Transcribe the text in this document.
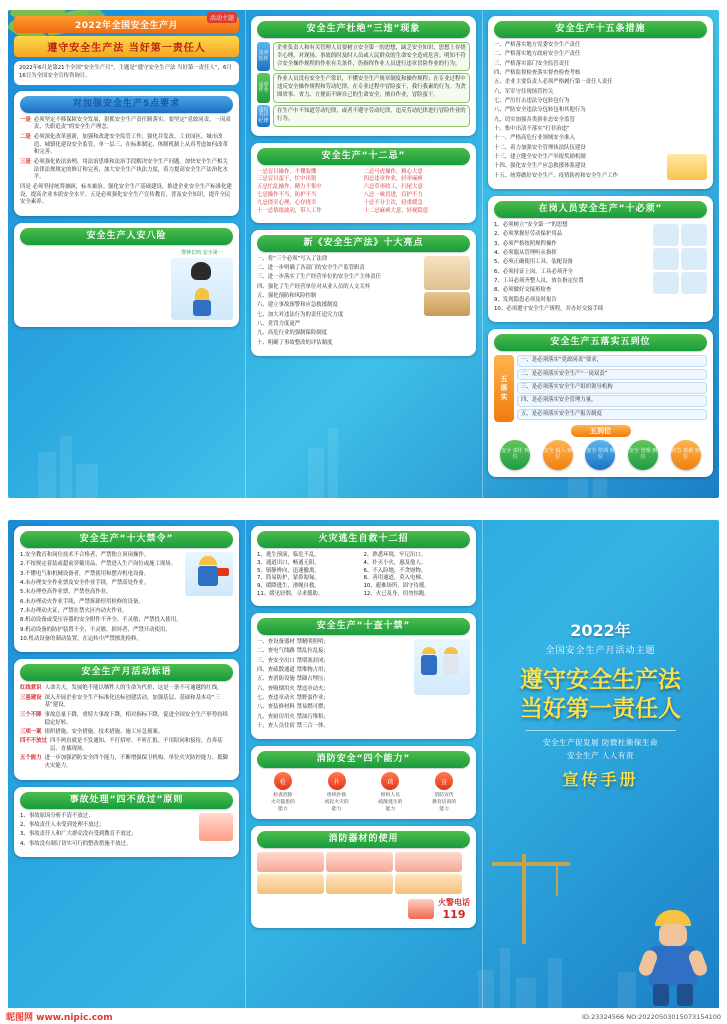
2022年全国安全生产月
活动主题
遵守安全生产法 当好第一责任人
2022年6月是第21个全国“安全生产月”，主题是“遵守安全生产法 当好第一责任人”，6月16日为全国安全宣传咨询日。
对加强安全生产5点要求
一是 必须坚定不移保障安全发展，狠抓安全生产责任制落实。要坚定“党政同责、一岗双责、失职追责”的安全生产理念。
二是 必须深化改革创新，加强和改进安全监管工作，强化并发改、工业园区、城市改造、城镇化建设安全监管，单一层三、在标准制定、体制机制上从真考虑如何改革和完善。
三是 必须强化依法治理，用法治思维和法治手段解决安全生产问题。加快安全生产相关法律法规规定的修订和完善，加大安全生产执法力度，着力提高安全生产法治化水平。

四是 必须坚持统筹兼顾，标本兼治。强化安全生产基础建设，推进企业安全生产标准化建设，提高企业本质安全水平。五是必须强化安全生产宣传教育，普及安全知识，提升全民安全素养。

安全生产人安八险

警钟长鸣 安全第一
安全生产杜绝“三违”现象
违章指挥
企业负责人和有关管理人员要树立安全第一的思想，缺乏安全知识，思想上存侥幸心理，对现场、事故的时及时人员或人民群众的生命安全造成危害；明知不符合安全操作规程的作业有关条件，仍指挥作业人员进行违章冒险作业的行为。
违章作业
作业人员没有安全生产常识，不懂安全生产规章制度和操作规程；在专业过程中违反安全操作规程和劳动纪律，在专业过程中冒险蛮干，我行我素的行为。为贪图省事、省力、方便而不顾自己的生命安全，擅自作业，冒险蛮干。
违反劳动纪律
在生产中不知道劳动纪律，或者不遵守劳动纪律，违反劳动纪律进行冒险作业的行为。
安全生产“十二忌”
一忌盲目操作，不懂装懂	二忌马虎操作，粗心大意
三忌盲目蛮干，忙中出错	四忌违章作业，轻率麻痹
五忌忙乱操作，精力不集中	六忌草率收工，扫尾大意
七忌操作不当，防护不当	八忌一味冒进，盲护不力
九忌侥幸心理，心存侥幸	十忌不分主次，轻重缓急
十一忌情绪波动，带人工作	十二忌麻痹大意，轻视隐患
新《安全生产法》十大亮点

一、将“三个必须”写入了法律

二、进一步明确了各部门的安全生产监管职责

三、进一步落实了生产经营单位的安全生产主体责任

四、强化了生产经营单位对从业人员的人文关怀

五、强化预防和风险控制

六、建立事故预警和应急救援制度

七、加大对违法行为的责任追究力度

八、党罚力度更严

九、高危行业的强制保险制度

十、明确了事故整改的评估制度

安全生产十五条措施

一、严格落实地方党委安全生产责任

二、严格落实地方政府安全生产责任

三、严格落实部门安全监管责任

四、严格监督检查落实督查检查考核

五、企业主要负责人必须严格履行第一责任人责任

六、军军守住现场管控关

七、严厉打击违法分包转包行为

八、严防安全违法分包转包和其他行为

九、切实加强各类新业态安全监管

十、集中出清不落实“打非治违”

十一、严格高危行业领域安全准入

十二、着力加强安全管理执法队伍建设

十三、建立健全安全生产举报奖励机制

十四、强化安全生产应急救援体系建设

十五、统筹做好安全生产、疫情防控和安全生产工作

在岗人员安全生产“十必须”

1、必须树立“安全第一”的思想

2、必须掌握好劳动保护用品

3、必须严格按照规程操作

4、必须服从管理听从指挥

5、必须正确使用工具、装配设备

6、必须持证上岗，工具必须齐全

7、工具必须齐整人员，放在指定位置

8、必须做好交接班检查

9、发现隐患必须及时报告

10、必须遵守安全生产规程，并办好交接手续

安全生产五落实五到位
五落实

一、是必须落实“党政同责”要求，

二、是必须落实安全生产“一岗双责”

三、是必须落实安全生产组织领导机构

四、是必须落实安全管理力量，

五、是必须落实安全生产报告制度

五到位
安全 责任 到位
安全 投入 到位
安全 培训 到位
安全 管理 到位
应急 救援 到位
安全生产“十大禁令”

1.安全教育和岗位技术不合格者，严禁独立顶岗操作。

2.不按规定着装或超前穿戴用品，严禁进入生产岗位或施工现场。

3.不懂电气和机械设备者，严禁使用和摆弄机电设备。

4.未办理安全作业票及安全作业手续，严禁高处作业。

5.未办理登高作业票，严禁登高作业。

6.未办理动火作业手续，严禁拆卸停用检修的设备。

7.未办理动火证，严禁在禁火区内动火作业。

8.机动设备或受压容器的安全附件不齐全、不灵敏，严禁投入使用。

9.机动设备的防护装置不全、不灵敏、损坏者，严禁开动使用。

10.机动设备的制动装置，在运转中严禁擦洗检修。

安全生产月活动标语
红线意识 人命关天，发展绝不能以牺牲人的生命为代价，这是一条不可逾越的红线。
三基建设 深入开展企业安全生产标准化达标创建活动，加强基层、基础和基本功“三基”建设。
三个不降 事故总量下降，重特大事故下降，相对指标下降，促进全国安全生产形势持续稳定好转。
三项一案 组织措施、安全措施、技术措施、施工应急预案。
四不不放过 四不两直就是不发通知、不打招呼、不听汇报、不用陪同和接待，直奔基层、直插现场。
五个能力 进一步加强消防安全四个能力，不断增强保卫机构、单位火灾防控能力、抵御火灾能力。
事故处理“四不放过”原则

1、事故原因分析不清不放过；

2、事故责任人未受到处理不放过；

3、事故责任人和广大群众没有受到教育不放过；

4、事故没有制订切实可行的整改措施不放过。

火灾逃生自救十二招
1、逃生预演，临危不乱。	2、熟悉环境，牢记出口。
3、通道出口，畅通无阻。	4、扑灭小火，惠及他人。
5、镇静辨向，迅速撤离。	6、不入险地，不贪财物。
7、简易防护，蒙鼻匍匐。	8、善用通道，莫入电梯。
9、缓降逃生，滑绳自救。	10、避难场所，固守待援。
11、缓见轻烟，寻求援助。	12、火已及身，切勿惊跑。
安全生产“十查十禁”

一、查设备器材 禁精明照明；

二、查电气线路 禁乱拉乱接；

三、查安全出口 禁堵塞封闭；

四、查疏散通道 禁堆物占用；

五、查消防设施 禁圈占埋压；

六、查吸烟用火 禁违章动火；

七、查违章动火 禁野蛮作业；

八、查装修材料 禁易燃可燃；

九、查厨房用火 禁油污堆积；

十、查人员住宿 禁三合一体。

消防安全“四个能力”
检
检查消除
火灾隐患的
能力
扑
组织扑救
初起火灾的
能力
疏
组织人员
疏散逃生的
能力
宣
消防宣传
教育培训的
能力
消防器材的使用
火警电话
119
2022年
全国安全生产月活动主题
遵守安全生产法
当好第一责任人
安全生产促发展 防微杜渐保生命
安全生产 人人有责
宣传手册
昵图网 www.nipic.com	ID:23324566 NO:20220503015073154100
